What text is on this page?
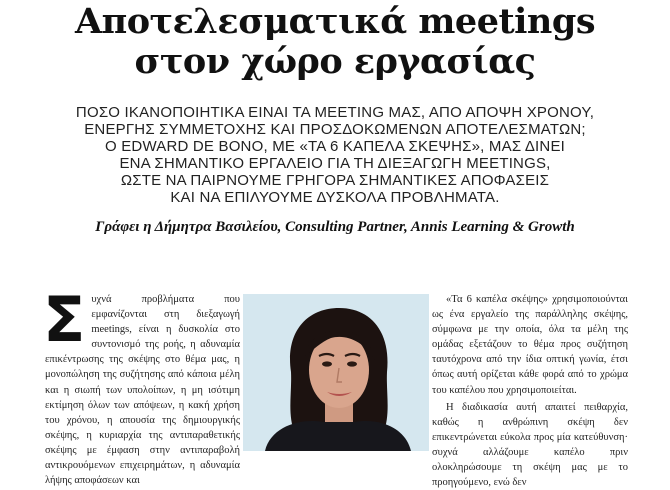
Αποτελεσματικά meetings
στον χώρο εργασίας

ΠΟΣΟ ΙΚΑΝΟΠΟΙΗΤΙΚΑ ΕΙΝΑΙ ΤΑ MEETING ΜΑΣ, ΑΠΟ ΑΠΟΨΗ ΧΡΟΝΟΥ,
ΕΝΕΡΓΗΣ ΣΥΜΜΕΤΟΧΗΣ ΚΑΙ ΠΡΟΣΔΟΚΩΜΕΝΩΝ ΑΠΟΤΕΛΕΣΜΑΤΩΝ;
Ο EDWARD DE BONO, ΜΕ «ΤΑ 6 ΚΑΠΕΛΑ ΣΚΕΨΗΣ», ΜΑΣ ΔΙΝΕΙ
ΕΝΑ ΣΗΜΑΝΤΙΚΟ ΕΡΓΑΛΕΙΟ ΓΙΑ ΤΗ ΔΙΕΞΑΓΩΓΗ MEETINGS,
ΩΣΤΕ ΝΑ ΠΑΙΡΝΟΥΜΕ ΓΡΗΓΟΡΑ ΣΗΜΑΝΤΙΚΕΣ ΑΠΟΦΑΣΕΙΣ
ΚΑΙ ΝΑ ΕΠΙΛΥΟΥΜΕ ΔΥΣΚΟΛΑ ΠΡΟΒΛΗΜΑΤΑ.

Γράφει η Δήμητρα Βασιλείου, Consulting Partner, Annis Learning & Growth

Σ υχνά προβλήματα που εμφανίζονται στη διεξαγωγή meetings, είναι η δυσκολία στο συντονισμό της ροής, η αδυναμία επικέντρωσης της σκέψης στο θέμα μας, η μονοπώληση της συζήτησης από κάποια μέλη και η σιωπή των υπολοίπων, η μη ισότιμη εκτίμηση όλων των απόψεων, η κακή χρήση του χρόνου, η απουσία της δημιουργικής σκέψης, η κυριαρχία της αντιπαραθετικής σκέψης με έμφαση στην αντιπαραβολή αντικρουόμενων επιχειρημάτων, η αδυναμία λήψης αποφάσεων και

«Τα 6 καπέλα σκέψης» χρησιμοποιούνται ως ένα εργαλείο της παράλληλης σκέψης, σύμφωνα με την οποία, όλα τα μέλη της ομάδας εξετάζουν το θέμα προς συζήτηση ταυτόχρονα από την ίδια οπτική γωνία, έτσι όπως αυτή ορίζεται κάθε φορά από το χρώμα του καπέλου που χρησιμοποιείται.

Η διαδικασία αυτή απαιτεί πειθαρχία, καθώς η ανθρώπινη σκέψη δεν επικεντρώνεται εύκολα προς μία κατεύθυνση· συχνά αλλάζουμε καπέλο πριν ολοκληρώσουμε τη σκέψη μας με το προηγούμενο, ενώ δεν
